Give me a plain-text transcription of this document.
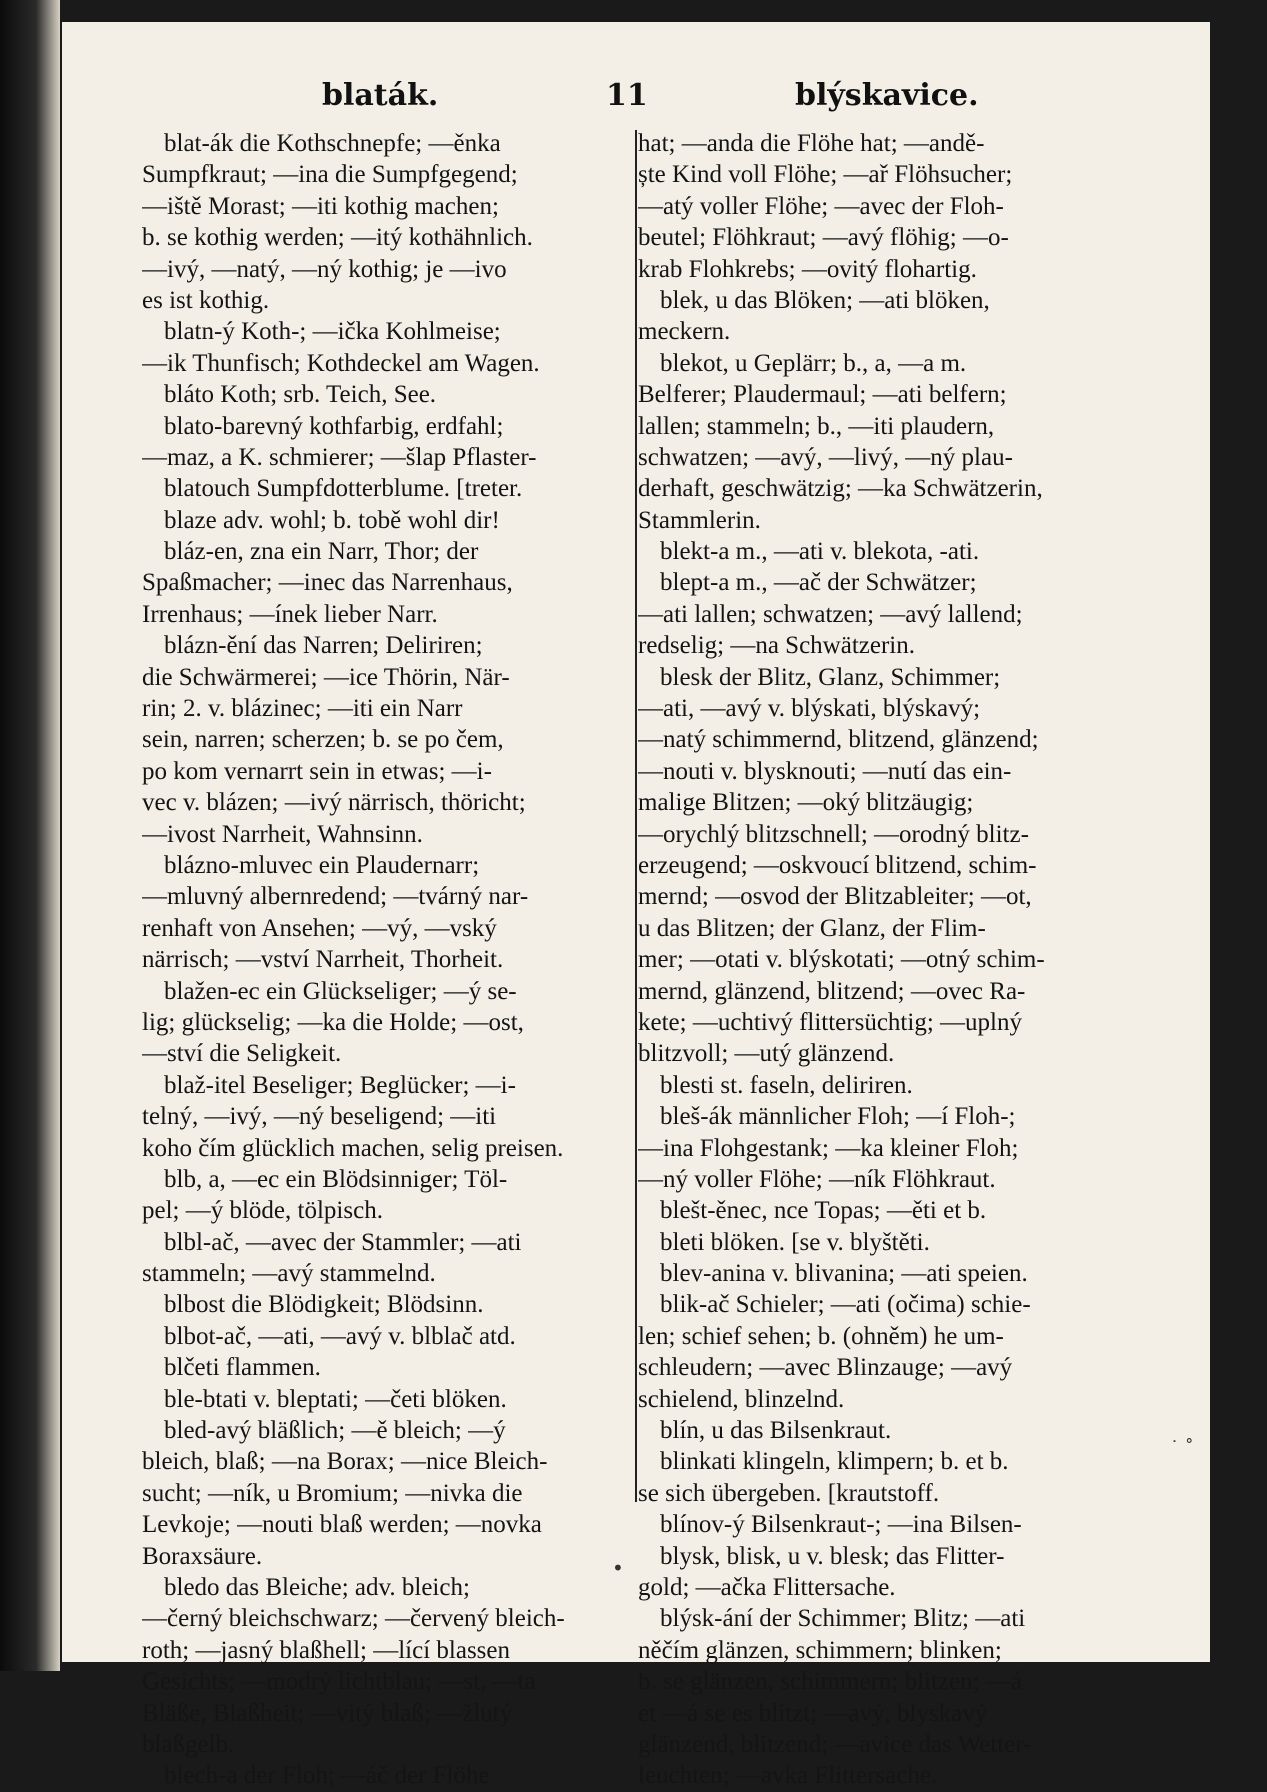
blaták.	11	blýskavice.
blat-ák die Kothschnepfe; —ěnka
Sumpfkraut; —ina die Sumpfgegend;
—iště Morast; —iti kothig machen;
b. se kothig werden; —itý kothähnlich.
—ivý, —natý, —ný kothig; je —ivo
es ist kothig.
blatn-ý Koth-; —ička Kohlmeise;
—ik Thunfisch; Kothdeckel am Wagen.
bláto Koth; srb. Teich, See.
blato-barevný kothfarbig, erdfahl;
—maz, a K. schmierer; —šlap Pflaster-
blatouch Sumpfdotterblume. [treter.
blaze adv. wohl; b. tobě wohl dir!
bláz-en, zna ein Narr, Thor; der
Spaßmacher; —inec das Narrenhaus,
Irrenhaus; —ínek lieber Narr.
blázn-ění das Narren; Deliriren;
die Schwärmerei; —ice Thörin, När-
rin; 2. v. blázinec; —iti ein Narr
sein, narren; scherzen; b. se po čem,
po kom vernarrt sein in etwas; —i-
vec v. blázen; —ivý närrisch, thöricht;
—ivost Narrheit, Wahnsinn.
blázno-mluvec ein Plaudernarr;
—mluvný albernredend; —tvárný nar-
renhaft von Ansehen; —vý, —vský
närrisch; —vství Narrheit, Thorheit.
blažen-ec ein Glückseliger; —ý se-
lig; glückselig; —ka die Holde; —ost,
—ství die Seligkeit.
blaž-itel Beseliger; Beglücker; —i-
telný, —ivý, —ný beseligend; —iti
koho čím glücklich machen, selig preisen.
blb, a, —ec ein Blödsinniger; Töl-
pel; —ý blöde, tölpisch.
blbl-ač, —avec der Stammler; —ati
stammeln; —avý stammelnd.
blbost die Blödigkeit; Blödsinn.
blbot-ač, —ati, —avý v. blblač atd.
blčeti flammen.
ble-btati v. bleptati; —četi blöken.
bled-avý bläßlich; —ě bleich; —ý
bleich, blaß; —na Borax; —nice Bleich-
sucht; —ník, u Bromium; —nivka die
Levkoje; —nouti blaß werden; —novka
Boraxsäure.
bledo das Bleiche; adv. bleich;
—černý bleichschwarz; —červený bleich-
roth; —jasný blaßhell; —lící blassen
Gesichts; —modrý lichtblau; —st, —ta
Bläße, Blaßheit; —vitý blaß; —žlutý
blaßgelb.
blech-a der Floh; —áč der Flöhe
hat; —anda die Flöhe hat; —andě-
ște Kind voll Flöhe; —ař Flöhsucher;
—atý voller Flöhe; —avec der Floh-
beutel; Flöhkraut; —avý flöhig; —o-
krab Flohkrebs; —ovitý flohartig.
blek, u das Blöken; —ati blöken,
meckern.
blekot, u Geplärr; b., a, —a m.
Belferer; Plaudermaul; —ati belfern;
lallen; stammeln; b., —iti plaudern,
schwatzen; —avý, —livý, —ný plau-
derhaft, geschwätzig; —ka Schwätzerin,
Stammlerin.
blekt-a m., —ati v. blekota, -ati.
blept-a m., —ač der Schwätzer;
—ati lallen; schwatzen; —avý lallend;
redselig; —na Schwätzerin.
blesk der Blitz, Glanz, Schimmer;
—ati, —avý v. blýskati, blýskavý;
—natý schimmernd, blitzend, glänzend;
—nouti v. blysknouti; —nutí das ein-
malige Blitzen; —oký blitzäugig;
—orychlý blitzschnell; —orodný blitz-
erzeugend; —oskvoucí blitzend, schim-
mernd; —osvod der Blitzableiter; —ot,
u das Blitzen; der Glanz, der Flim-
mer; —otati v. blýskotati; —otný schim-
mernd, glänzend, blitzend; —ovec Ra-
kete; —uchtivý flittersüchtig; —uplný
blitzvoll; —utý glänzend.
blesti st. faseln, deliriren.
bleš-ák männlicher Floh; —í Floh-;
—ina Flohgestank; —ka kleiner Floh;
—ný voller Flöhe; —ník Flöhkraut.
blešt-ěnec, nce Topas; —ěti et b.
bleti blöken. [se v. blyštěti.
blev-anina v. blivanina; —ati speien.
blik-ač Schieler; —ati (očima) schie-
len; schief sehen; b. (ohněm) he um-
schleudern; —avec Blinzauge; —avý
schielend, blinzelnd.
blín, u das Bilsenkraut.
blinkati klingeln, klimpern; b. et b.
se sich übergeben. [krautstoff.
blínov-ý Bilsenkraut-; —ina Bilsen-
blysk, blisk, u v. blesk; das Flitter-
gold; —ačka Flittersache.
blýsk-ání der Schimmer; Blitz; —ati
něčím glänzen, schimmern; blinken;
b. se glänzen, schimmern; blitzen; —á
et —á se es blitzt; —avý, blyskavý
glänzend, blitzend; —avice das Wetter-
leuchten; —avka Flittersache.
˙ ˚
•
